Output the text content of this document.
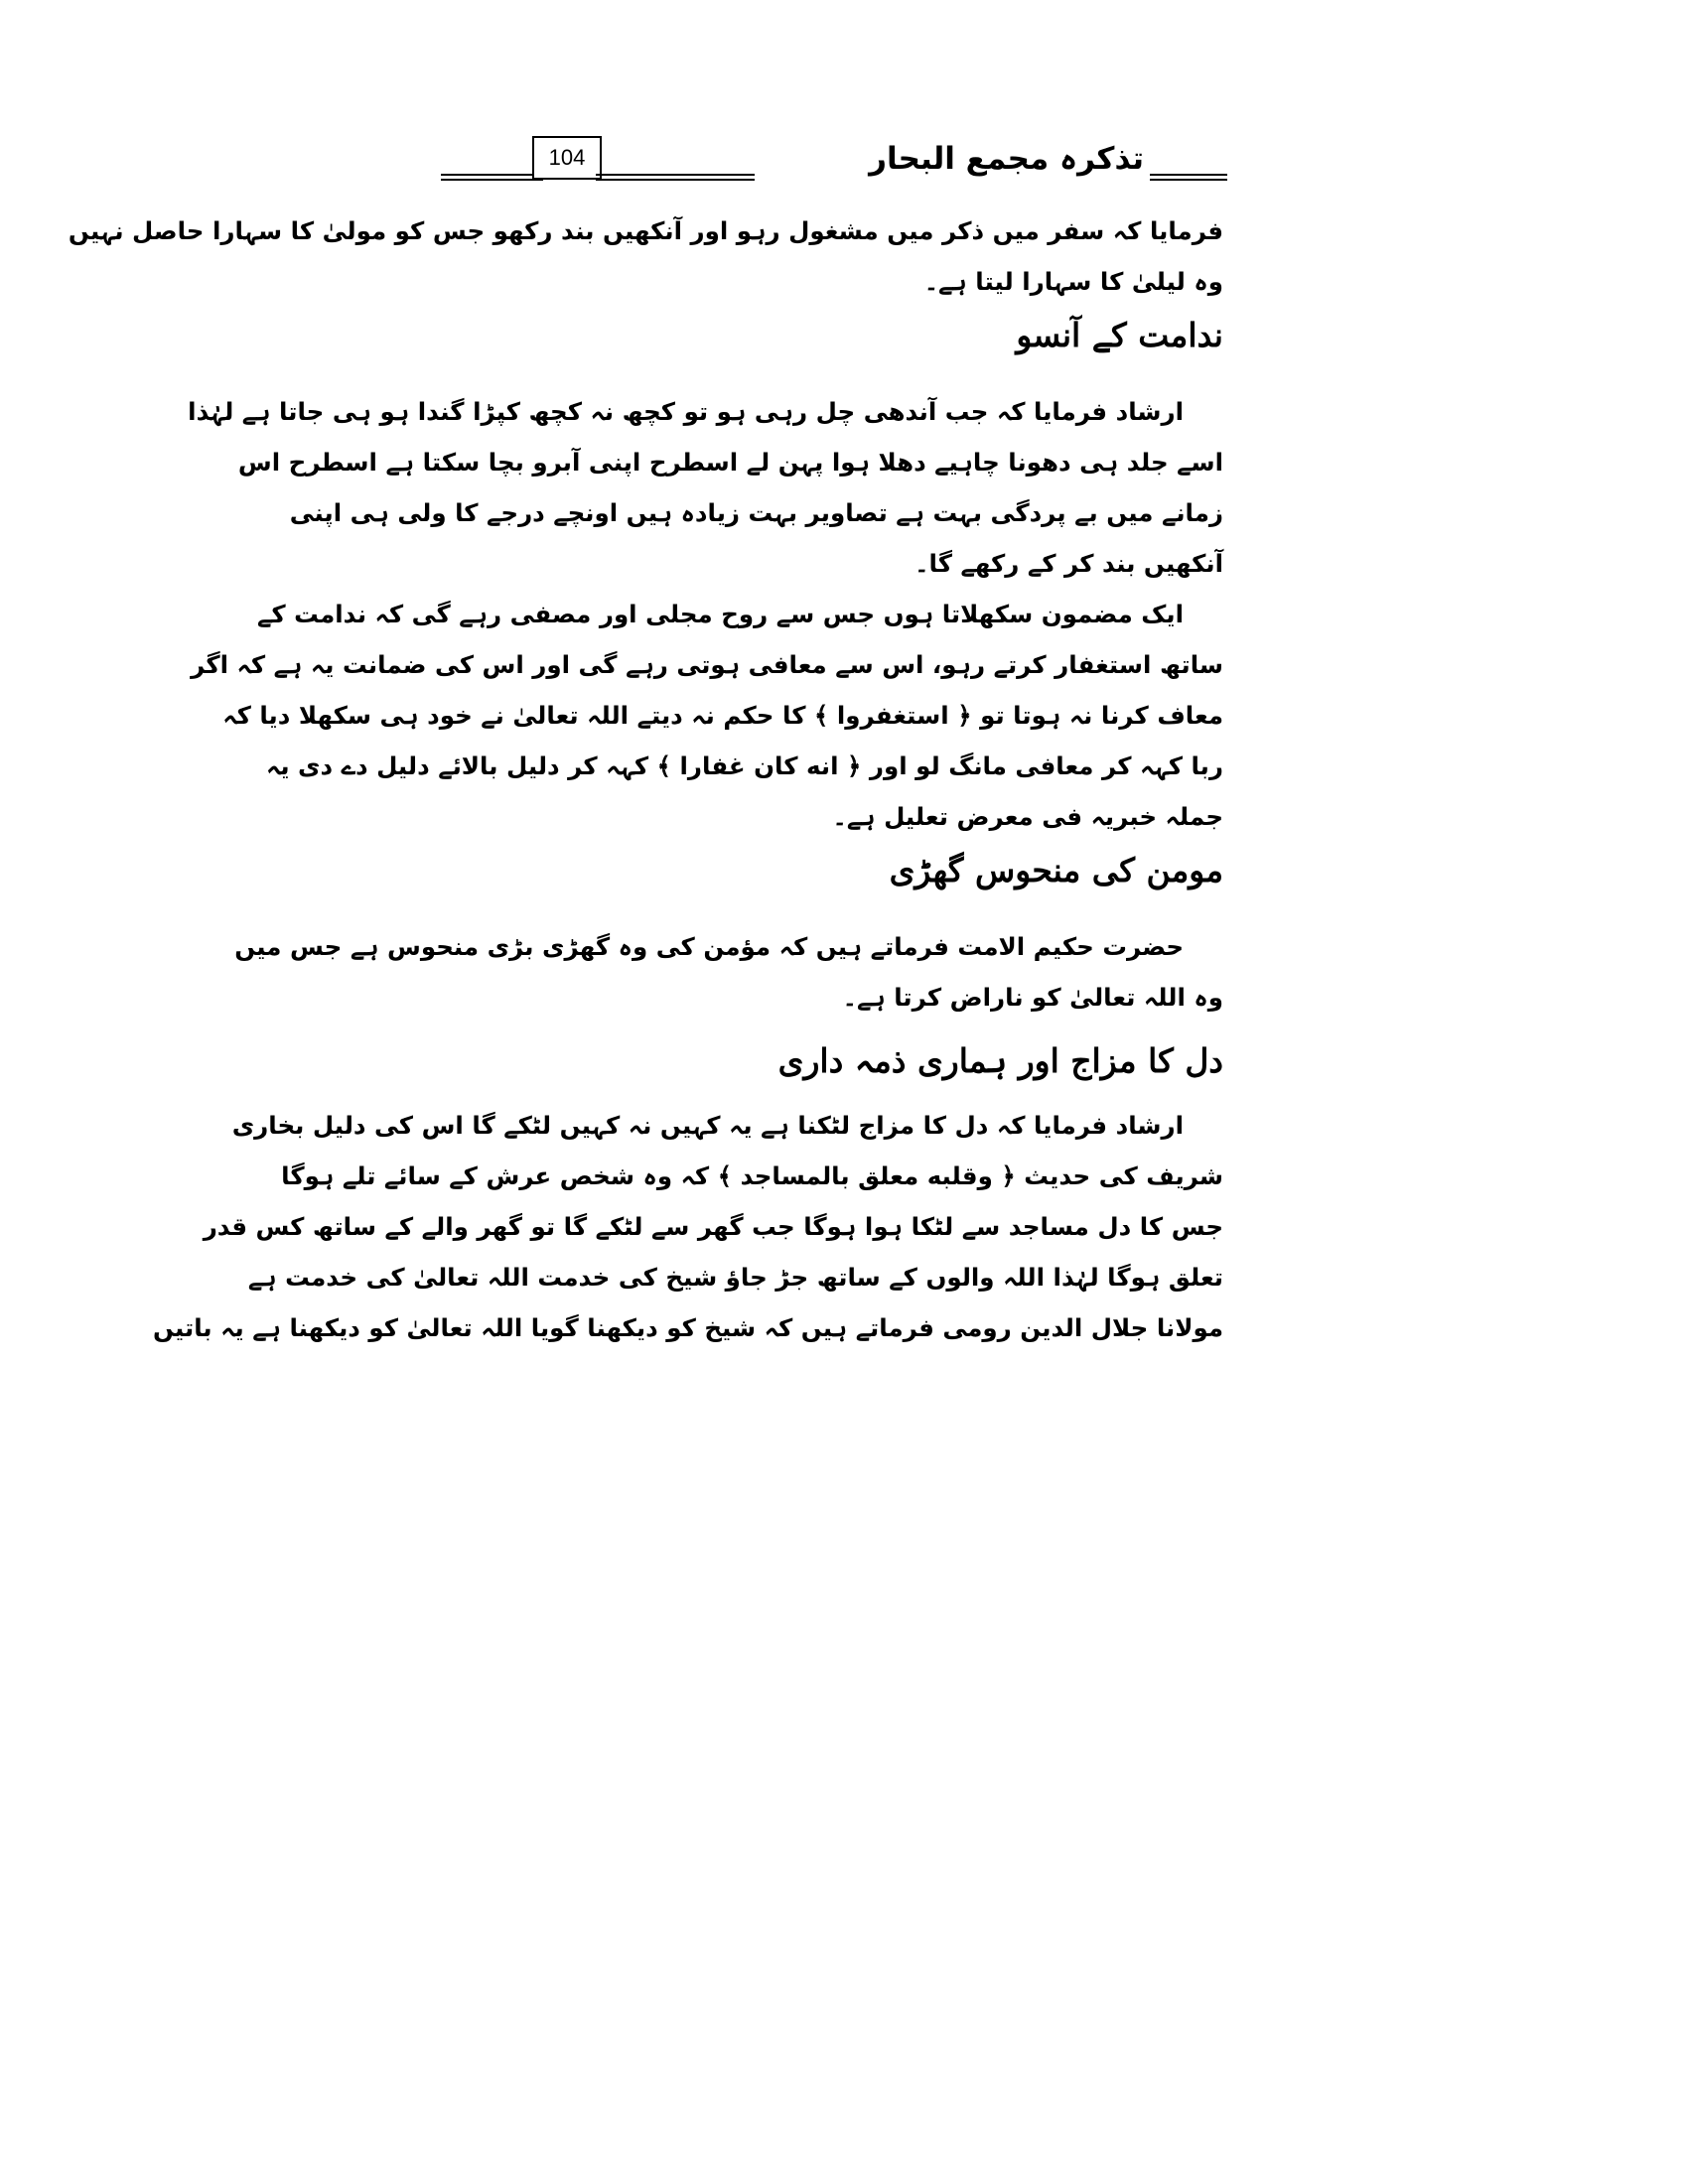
104	تذکرہ مجمع البحار
فرمایا کہ سفر میں ذکر میں مشغول رہو اور آنکھیں بند رکھو جس کو مولیٰ کا سہارا حاصل نہیں
وہ لیلیٰ کا سہارا لیتا ہے۔
ندامت کے آنسو
ارشاد فرمایا کہ جب آندھی چل رہی ہو تو کچھ نہ کچھ کپڑا گندا ہو ہی جاتا ہے لہٰذا
اسے جلد ہی دھونا چاہیے دھلا ہوا پہن لے اسطرح اپنی آبرو بچا سکتا ہے اسطرح اس
زمانے میں بے پردگی بہت ہے تصاویر بہت زیادہ ہیں اونچے درجے کا ولی ہی اپنی
آنکھیں بند کر کے رکھے گا۔
ایک مضمون سکھلاتا ہوں جس سے روح مجلی اور مصفی رہے گی کہ ندامت کے
ساتھ استغفار کرتے رہو، اس سے معافی ہوتی رہے گی اور اس کی ضمانت یہ ہے کہ اگر
معاف کرنا نہ ہوتا تو ﴿ استغفروا ﴾ کا حکم نہ دیتے اللہ تعالیٰ نے خود ہی سکھلا دیا کہ
ربا کہہ کر معافی مانگ لو اور ﴿ انه کان غفارا ﴾ کہہ کر دلیل بالائے دلیل دے دی یہ
جملہ خبریہ فی معرض تعلیل ہے۔
مومن کی منحوس گھڑی
حضرت حکیم الامت فرماتے ہیں کہ مؤمن کی وہ گھڑی بڑی منحوس ہے جس میں
وہ اللہ تعالیٰ کو ناراض کرتا ہے۔
دل کا مزاج اور ہماری ذمہ داری
ارشاد فرمایا کہ دل کا مزاج لٹکنا ہے یہ کہیں نہ کہیں لٹکے گا اس کی دلیل بخاری
شریف کی حدیث ﴿ وقلبه معلق بالمساجد ﴾ کہ وہ شخص عرش کے سائے تلے ہوگا
جس کا دل مساجد سے لٹکا ہوا ہوگا جب گھر سے لٹکے گا تو گھر والے کے ساتھ کس قدر
تعلق ہوگا لہٰذا اللہ والوں کے ساتھ جڑ جاؤ شیخ کی خدمت اللہ تعالیٰ کی خدمت ہے
مولانا جلال الدین رومی فرماتے ہیں کہ شیخ کو دیکھنا گویا اللہ تعالیٰ کو دیکھنا ہے یہ باتیں
